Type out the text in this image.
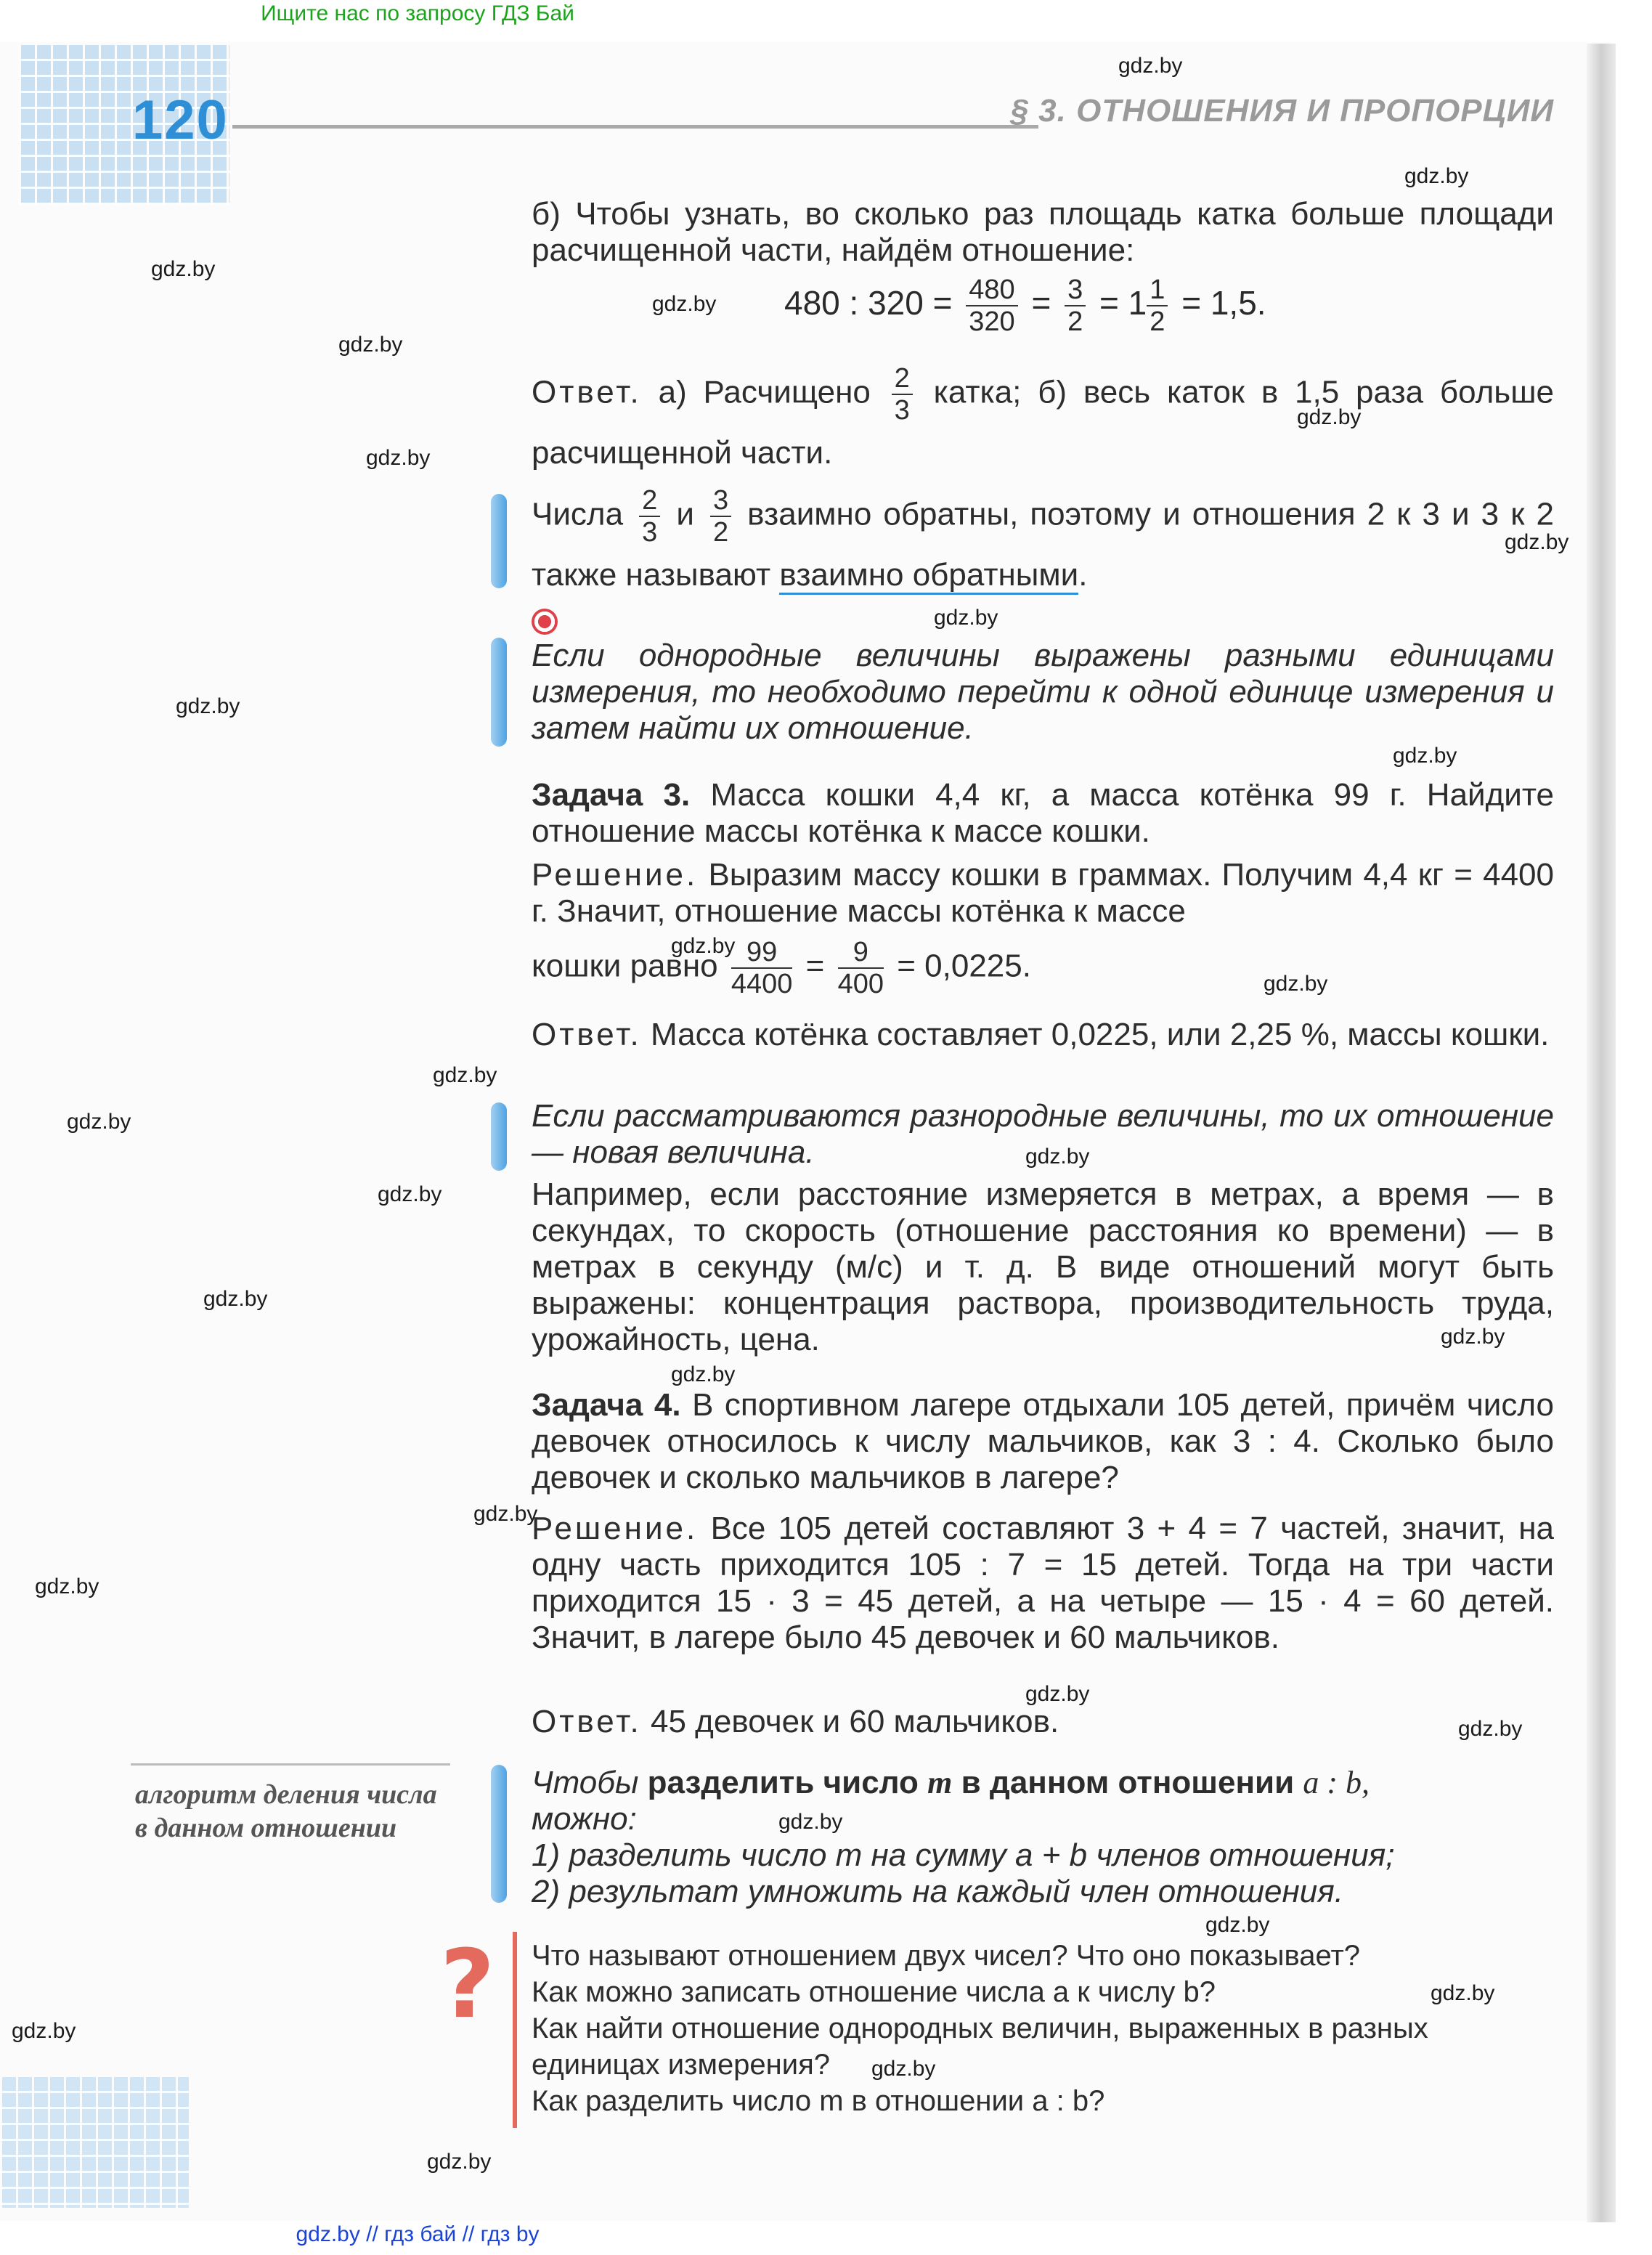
Ищите нас по запросу ГДЗ Бай
120	§ 3. ОТНОШЕНИЯ И ПРОПОРЦИИ
gdz.by
gdz.by
gdz.by
gdz.by
gdz.by
gdz.by
gdz.by
gdz.by
gdz.by
gdz.by
gdz.by
gdz.by
gdz.by
gdz.by
gdz.by
gdz.by
gdz.by
gdz.by
gdz.by
gdz.by
gdz.by
gdz.by
gdz.by
gdz.by
gdz.by
gdz.by
gdz.by
gdz.by
gdz.by
gdz.by
б) Чтобы узнать, во сколько раз площадь катка больше площади расчищенной части, найдём отношение:
480 : $320 = \frac{480}{320} = \frac{3}{2} = 1 \frac{1}{2} = 1,5$.
Ответ. а) Расчищено $\frac{2}{3}$ катка; б) весь каток в 1,5 раза больше расчищенной части.
Числа $\frac{2}{3}$ и $\frac{3}{2}$ взаимно обратны, поэтому и отношения 2 к 3 и 3 к 2 также называют взаимно обратными.
Если однородные величины выражены разными единицами измерения, то необходимо перейти к одной единице измерения и затем найти их отношение.
Задача 3. Масса кошки 4,4 кг, а масса котёнка 99 г. Найдите отношение массы котёнка к массе кошки.
Решение. Выразим массу кошки в граммах. Получим 4,4 кг = 4400 г. Значит, отношение массы котёнка к массе
кошки равно $\frac{99}{4400} = \frac{9}{400} = 0,0225$.
Ответ. Масса котёнка составляет 0,0225, или 2,25 %, массы кошки.
Если рассматриваются разнородные величины, то их отношение — новая величина.
Например, если расстояние измеряется в метрах, а время — в секундах, то скорость (отношение расстояния ко времени) — в метрах в секунду (м/с) и т. д. В виде отношений могут быть выражены: концентрация раствора, производительность труда, урожайность, цена.
Задача 4. В спортивном лагере отдыхали 105 детей, причём число девочек относилось к числу мальчиков, как 3 : 4. Сколько было девочек и сколько мальчиков в лагере?
Решение. Все 105 детей составляют 3 + 4 = 7 частей, значит, на одну часть приходится 105 : 7 = 15 детей. Тогда на три части приходится 15 · 3 = 45 детей, а на четыре — 15 · 4 = 60 детей. Значит, в лагере было 45 девочек и 60 мальчиков.
Ответ. 45 девочек и 60 мальчиков.
алгоритм деления числа в данном отношении
Чтобы разделить число m в данном отношении a : b,
можно:
1) разделить число m на сумму a + b членов отношения;
2) результат умножить на каждый член отношения.
? Что называют отношением двух чисел? Что оно показывает?
Как можно записать отношение числа a к числу b?
Как найти отношение однородных величин, выраженных в разных единицах измерения?
Как разделить число m в отношении a : b?
gdz.by // гдз бай // гдз by
